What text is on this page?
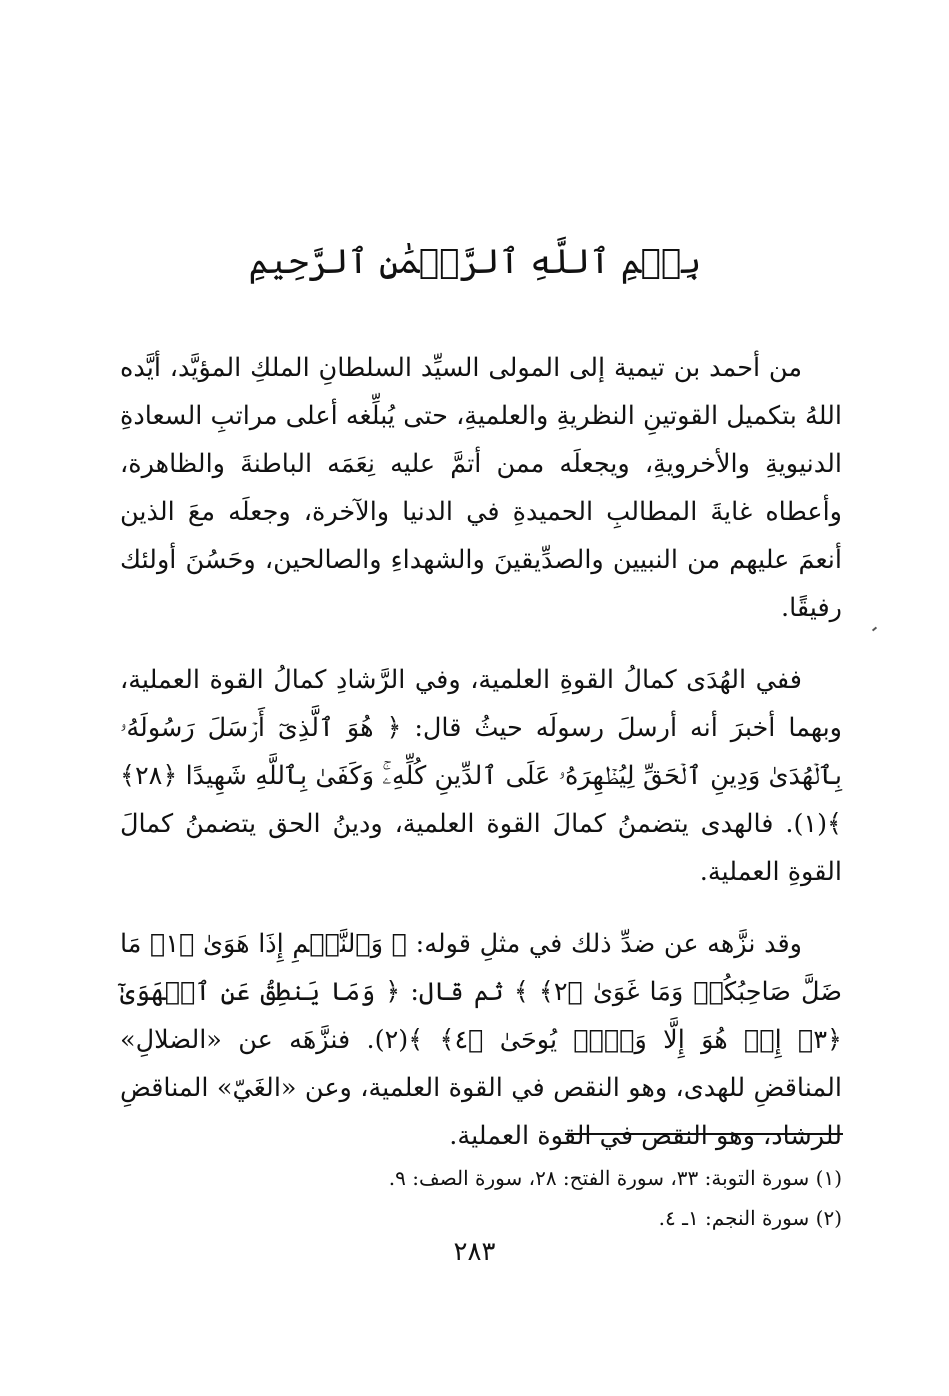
بِسۡمِ ٱللَّهِ ٱلرَّحۡمَٰنِ ٱلرَّحِيمِ

من أحمد بن تيمية إلى المولى السيِّد السلطانِ الملكِ المؤيَّد، أيَّده اللهُ بتكميل القوتينِ النظريةِ والعلميةِ، حتى يُبلِّغه أعلى مراتبِ السعادةِ الدنيويةِ والأخرويةِ، ويجعلَه ممن أتمَّ عليه نِعَمَه الباطنةَ والظاهرة، وأعطاه غايةَ المطالبِ الحميدةِ في الدنيا والآخرة، وجعلَه معَ الذين أنعمَ عليهم من النبيين والصدِّيقينَ والشهداءِ والصالحين، وحَسُنَ أولئك رفيقًا.

ففي الهُدَى كمالُ القوةِ العلمية، وفي الرَّشادِ كمالُ القوة العملية، وبهما أخبرَ أنه أرسلَ رسولَه حيثُ قال: ﴿ هُوَ ٱلَّذِىٓ أَرۡسَلَ رَسُولَهُۥ بِٱلۡهُدَىٰ وَدِينِ ٱلۡحَقِّ لِيُظۡهِرَهُۥ عَلَى ٱلدِّينِ كُلِّهِۦۚ وَكَفَىٰ بِٱللَّهِ شَهِيدًا ﴿٢٨﴾ ﴾(١). فالهدى يتضمنُ كمالَ القوة العلمية، ودينُ الحق يتضمنُ كمالَ القوةِ العملية.

وقد نزَّهه عن ضدِّ ذلك في مثلِ قوله: ﴿ وَٱلنَّجۡمِ إِذَا هَوَىٰ ﴿١﴾ مَا ضَلَّ صَاحِبُكُمۡ وَمَا غَوَىٰ ﴿٢﴾ ﴾ ثم قال: ﴿ وَمَا يَنطِقُ عَنِ ٱلۡهَوَىٰٓ ﴿٣﴾ إِنۡ هُوَ إِلَّا وَحۡىٞ يُوحَىٰ ﴿٤﴾ ﴾(٢). فنزَّهَه عن «الضلالِ» المناقضِ للهدى، وهو النقص في القوة العلمية، وعن «الغَيّ» المناقضِ للرشاد، وهو النقص في القوة العملية.

(١) سورة التوبة: ٣٣، سورة الفتح: ٢٨، سورة الصف: ٩.

(٢) سورة النجم: ١ـ ٤.

٢٨٣
